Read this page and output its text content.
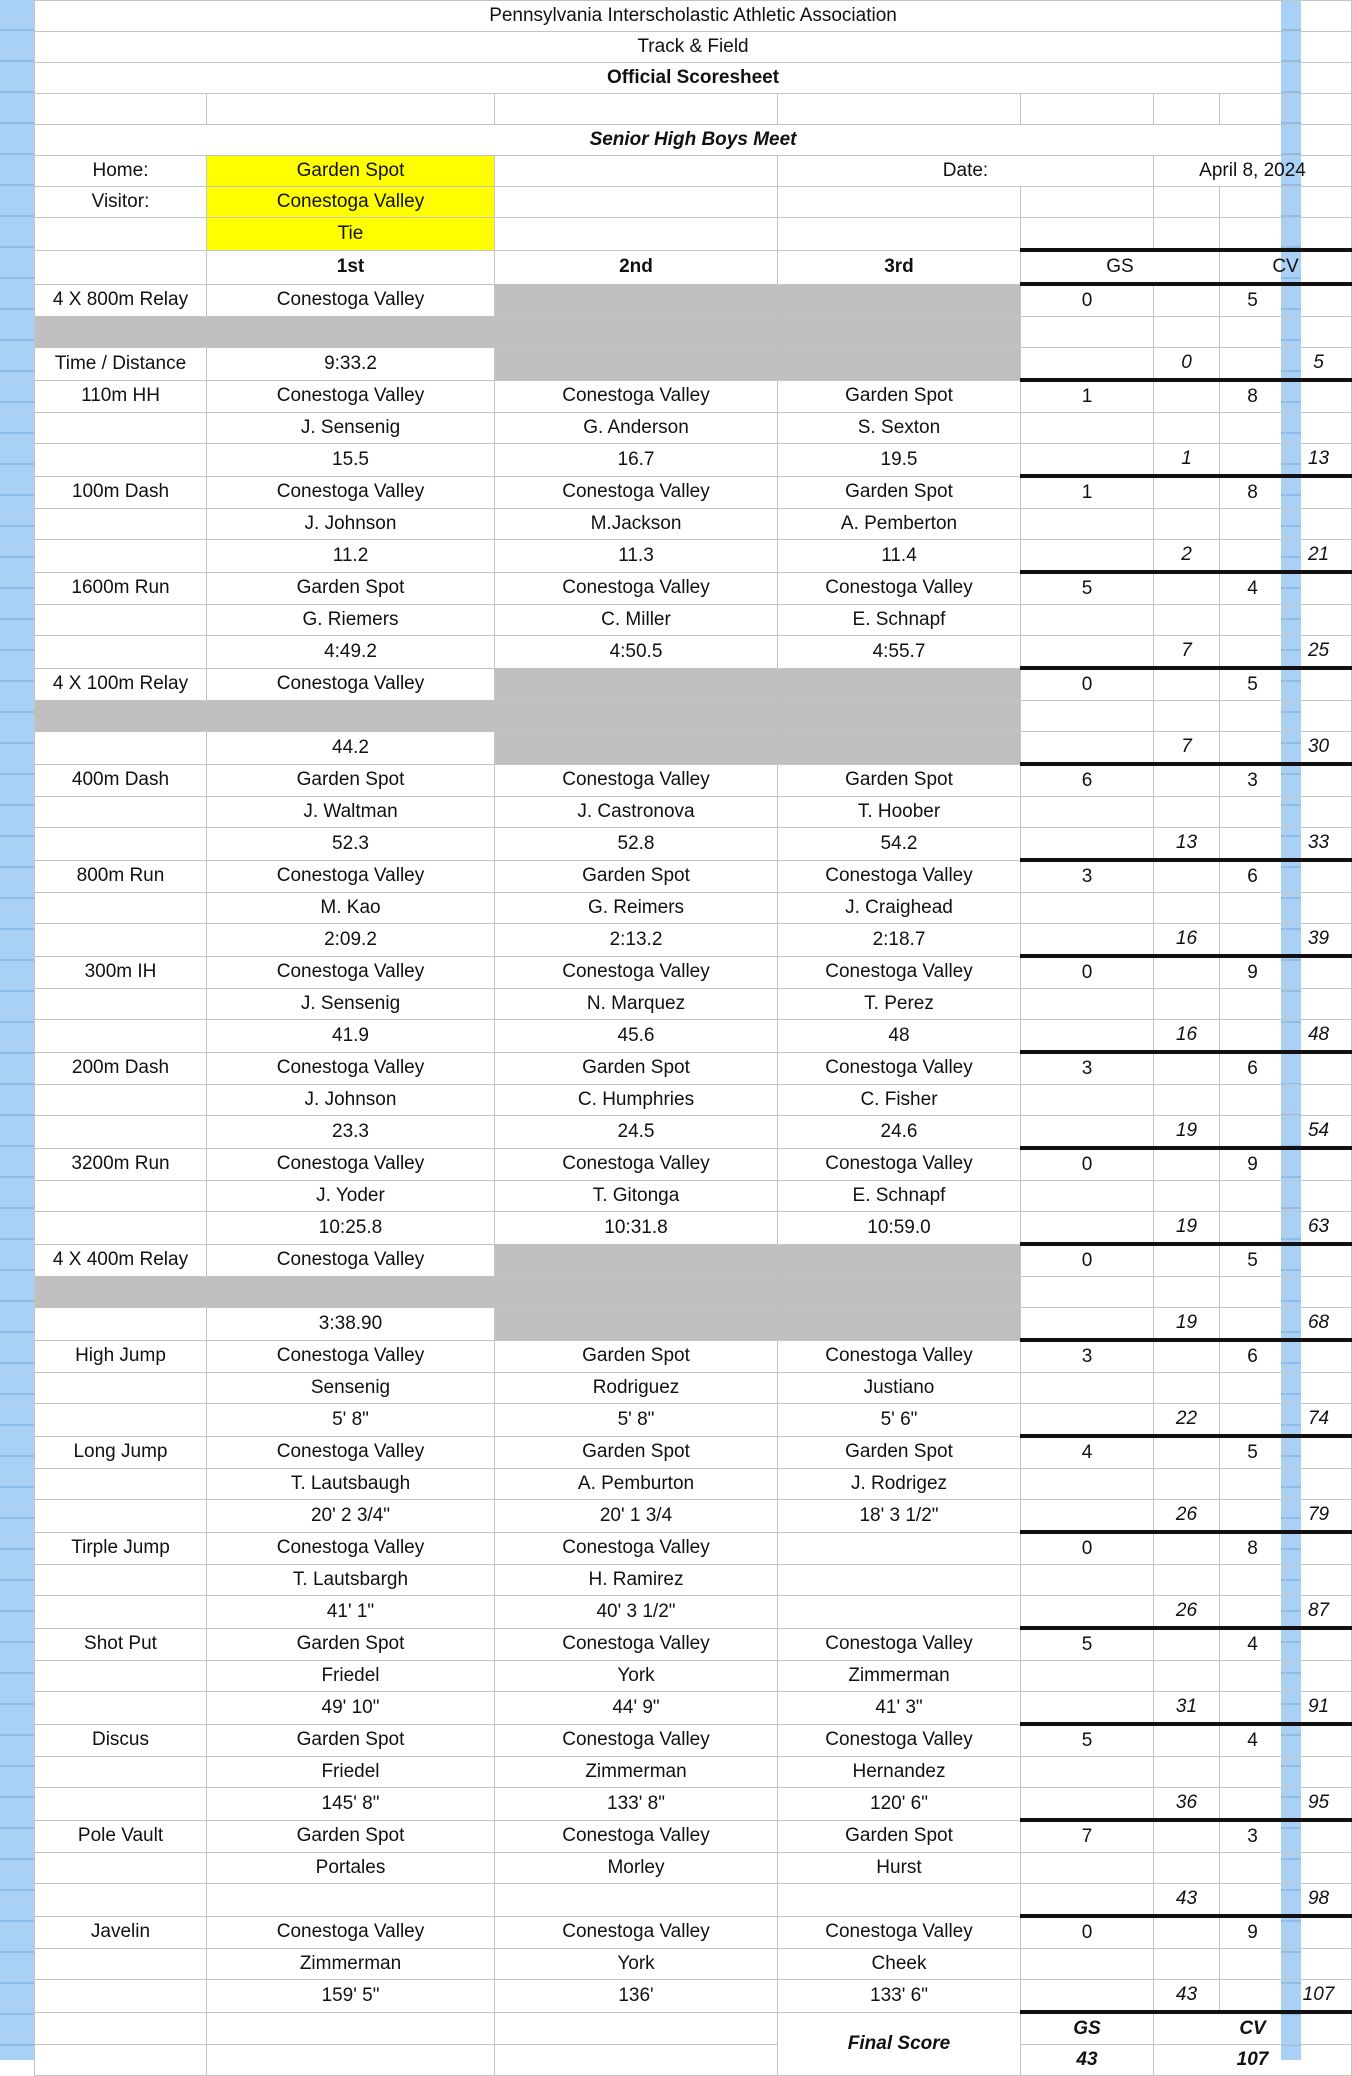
Pennsylvania Interscholastic Athletic Association							
Track & Field							
Official Scoresheet							

Senior High Boys Meet							
Home:	Garden Spot		Date:		April 8, 2024		
Visitor:	Conestoga Valley						
	Tie						
	1st	2nd	3rd	GS		CV	
4 X 800m Relay	Conestoga Valley			0		5	

Time / Distance	9:33.2				0		5
110m HH	Conestoga Valley	Conestoga Valley	Garden Spot	1		8	
	J. Sensenig	G. Anderson	S. Sexton				
	15.5	16.7	19.5		1		13
100m Dash	Conestoga Valley	Conestoga Valley	Garden Spot	1		8	
	J. Johnson	M.Jackson	A. Pemberton				
	11.2	11.3	11.4		2		21
1600m Run	Garden Spot	Conestoga Valley	Conestoga Valley	5		4	
	G. Riemers	C. Miller	E. Schnapf				
	4:49.2	4:50.5	4:55.7		7		25
4 X 100m Relay	Conestoga Valley			0		5	

	44.2				7		30
400m Dash	Garden Spot	Conestoga Valley	Garden Spot	6		3	
	J. Waltman	J. Castronova	T. Hoober				
	52.3	52.8	54.2		13		33
800m Run	Conestoga Valley	Garden Spot	Conestoga Valley	3		6	
	M. Kao	G. Reimers	J. Craighead				
	2:09.2	2:13.2	2:18.7		16		39
300m IH	Conestoga Valley	Conestoga Valley	Conestoga Valley	0		9	
	J. Sensenig	N. Marquez	T. Perez				
	41.9	45.6	48		16		48
200m Dash	Conestoga Valley	Garden Spot	Conestoga Valley	3		6	
	J. Johnson	C. Humphries	C. Fisher				
	23.3	24.5	24.6		19		54
3200m Run	Conestoga Valley	Conestoga Valley	Conestoga Valley	0		9	
	J. Yoder	T. Gitonga	E. Schnapf				
	10:25.8	10:31.8	10:59.0		19		63
4 X 400m Relay	Conestoga Valley			0		5	

	3:38.90				19		68
High Jump	Conestoga Valley	Garden Spot	Conestoga Valley	3		6	
	Sensenig	Rodriguez	Justiano				
	5' 8"	5' 8"	5' 6"		22		74
Long Jump	Conestoga Valley	Garden Spot	Garden Spot	4		5	
	T. Lautsbaugh	A. Pemburton	J. Rodrigez				
	20' 2 3/4"	20' 1 3/4	18' 3 1/2"		26		79
Tirple Jump	Conestoga Valley	Conestoga Valley		0		8	
	T. Lautsbargh	H. Ramirez					
	41' 1"	40' 3 1/2"			26		87
Shot Put	Garden Spot	Conestoga Valley	Conestoga Valley	5		4	
	Friedel	York	Zimmerman				
	49' 10"	44' 9"	41' 3"		31		91
Discus	Garden Spot	Conestoga Valley	Conestoga Valley	5		4	
	Friedel	Zimmerman	Hernandez				
	145' 8"	133' 8"	120' 6"		36		95
Pole Vault	Garden Spot	Conestoga Valley	Garden Spot	7		3	
	Portales	Morley	Hurst				
					43		98
Javelin	Conestoga Valley	Conestoga Valley	Conestoga Valley	0		9	
	Zimmerman	York	Cheek				
	159' 5"	136'	133' 6"		43		107
			Final Score	GS	CV		
				43	107		
